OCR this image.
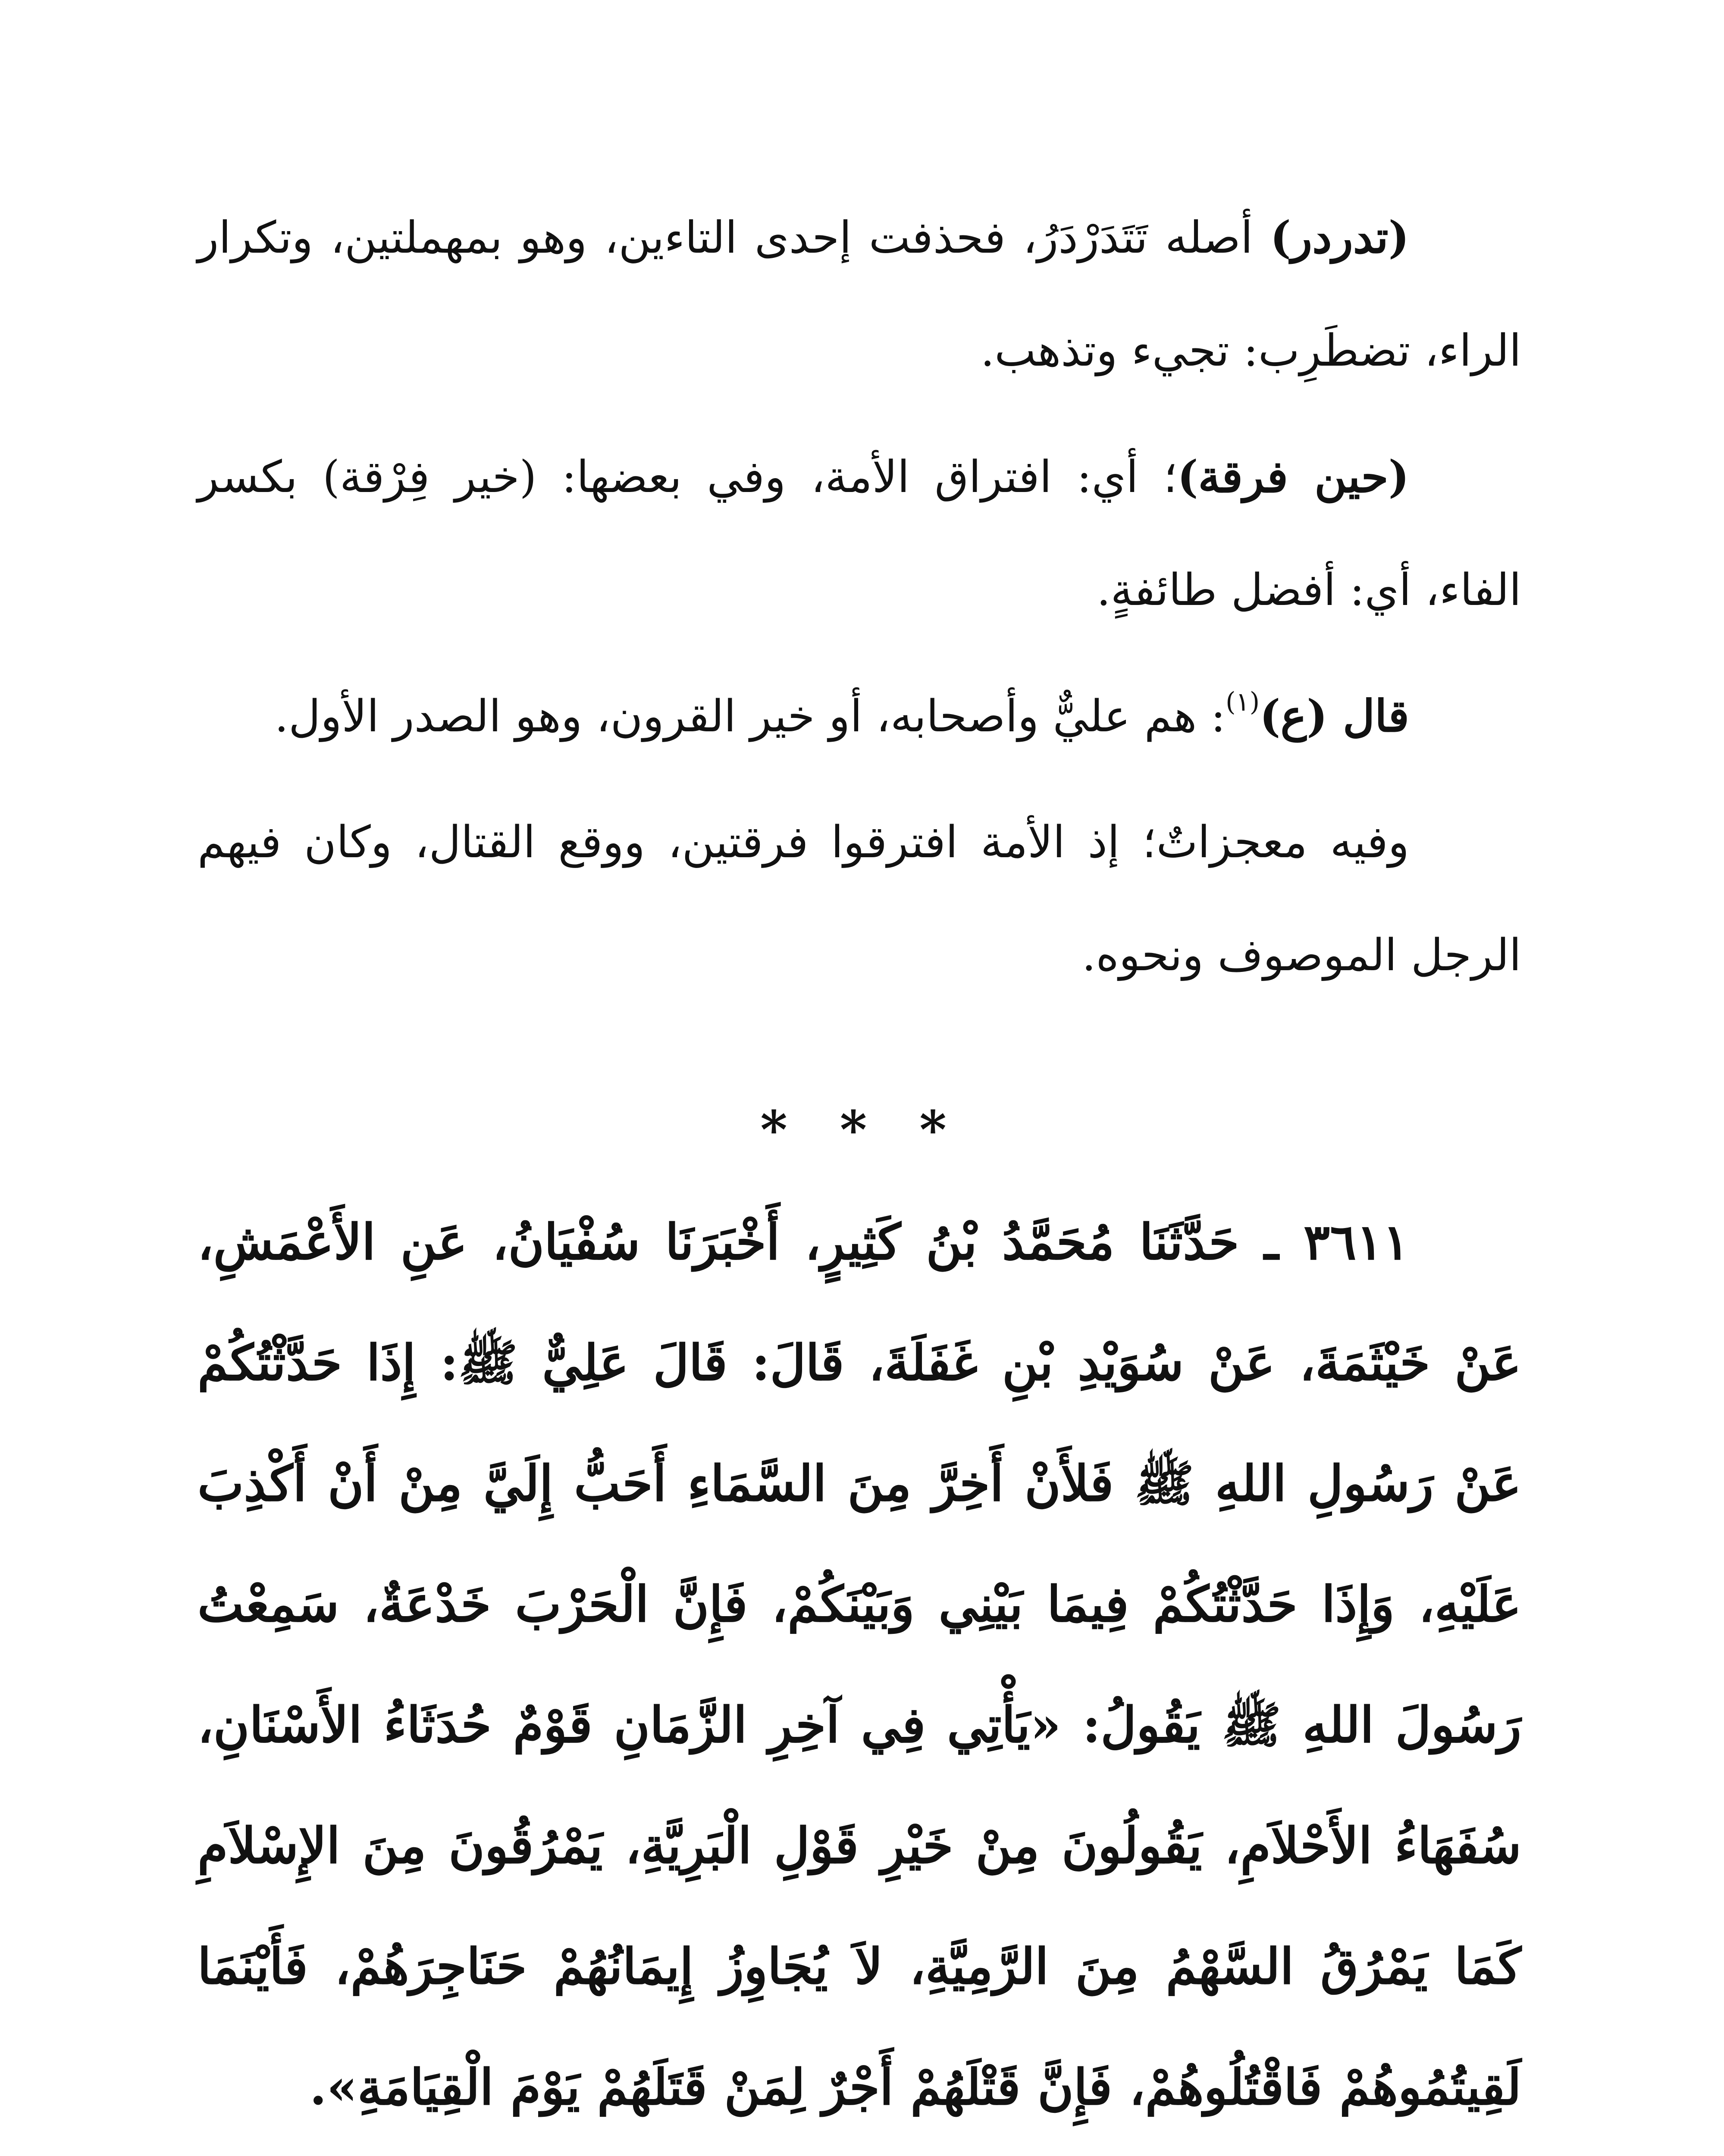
(تدردر) أصله تَتَدَرْدَرُ، فحذفت إحدى التاءين، وهو بمهملتين، وتكرار الراء، تضطَرِب: تجيء وتذهب.

(حين فرقة)؛ أي: افتراق الأمة، وفي بعضها: (خير فِرْقة) بكسر الفاء، أي: أفضل طائفةٍ.

قال (ع)$^{(١)}$: هم عليٌّ وأصحابه، أو خير القرون، وهو الصدر الأول.

وفيه معجزاتٌ؛ إذ الأمة افترقوا فرقتين، ووقع القتال، وكان فيهم الرجل الموصوف ونحوه.

* * *

٣٦١١ ـ حَدَّثَنَا مُحَمَّدُ بْنُ كَثِيرٍ، أَخْبَرَنَا سُفْيَانُ، عَنِ الأَعْمَشِ، عَنْ خَيْثَمَةَ، عَنْ سُوَيْدِ بْنِ غَفَلَةَ، قَالَ: قَالَ عَلِيٌّ ﷺ: إِذَا حَدَّثْتُكُمْ عَنْ رَسُولِ اللهِ ﷺ فَلأَنْ أَخِرَّ مِنَ السَّمَاءِ أَحَبُّ إِلَيَّ مِنْ أَنْ أَكْذِبَ عَلَيْهِ، وَإِذَا حَدَّثْتُكُمْ فِيمَا بَيْنِي وَبَيْنَكُمْ، فَإِنَّ الْحَرْبَ خَدْعَةٌ، سَمِعْتُ رَسُولَ اللهِ ﷺ يَقُولُ: «يَأْتِي فِي آخِرِ الزَّمَانِ قَوْمٌ حُدَثَاءُ الأَسْنَانِ، سُفَهَاءُ الأَحْلاَمِ، يَقُولُونَ مِنْ خَيْرِ قَوْلِ الْبَرِيَّةِ، يَمْرُقُونَ مِنَ الإِسْلاَمِ كَمَا يَمْرُقُ السَّهْمُ مِنَ الرَّمِيَّةِ، لاَ يُجَاوِزُ إِيمَانُهُمْ حَنَاجِرَهُمْ، فَأَيْنَمَا لَقِيتُمُوهُمْ فَاقْتُلُوهُمْ، فَإِنَّ قَتْلَهُمْ أَجْرٌ لِمَنْ قَتَلَهُمْ يَوْمَ الْقِيَامَةِ».
